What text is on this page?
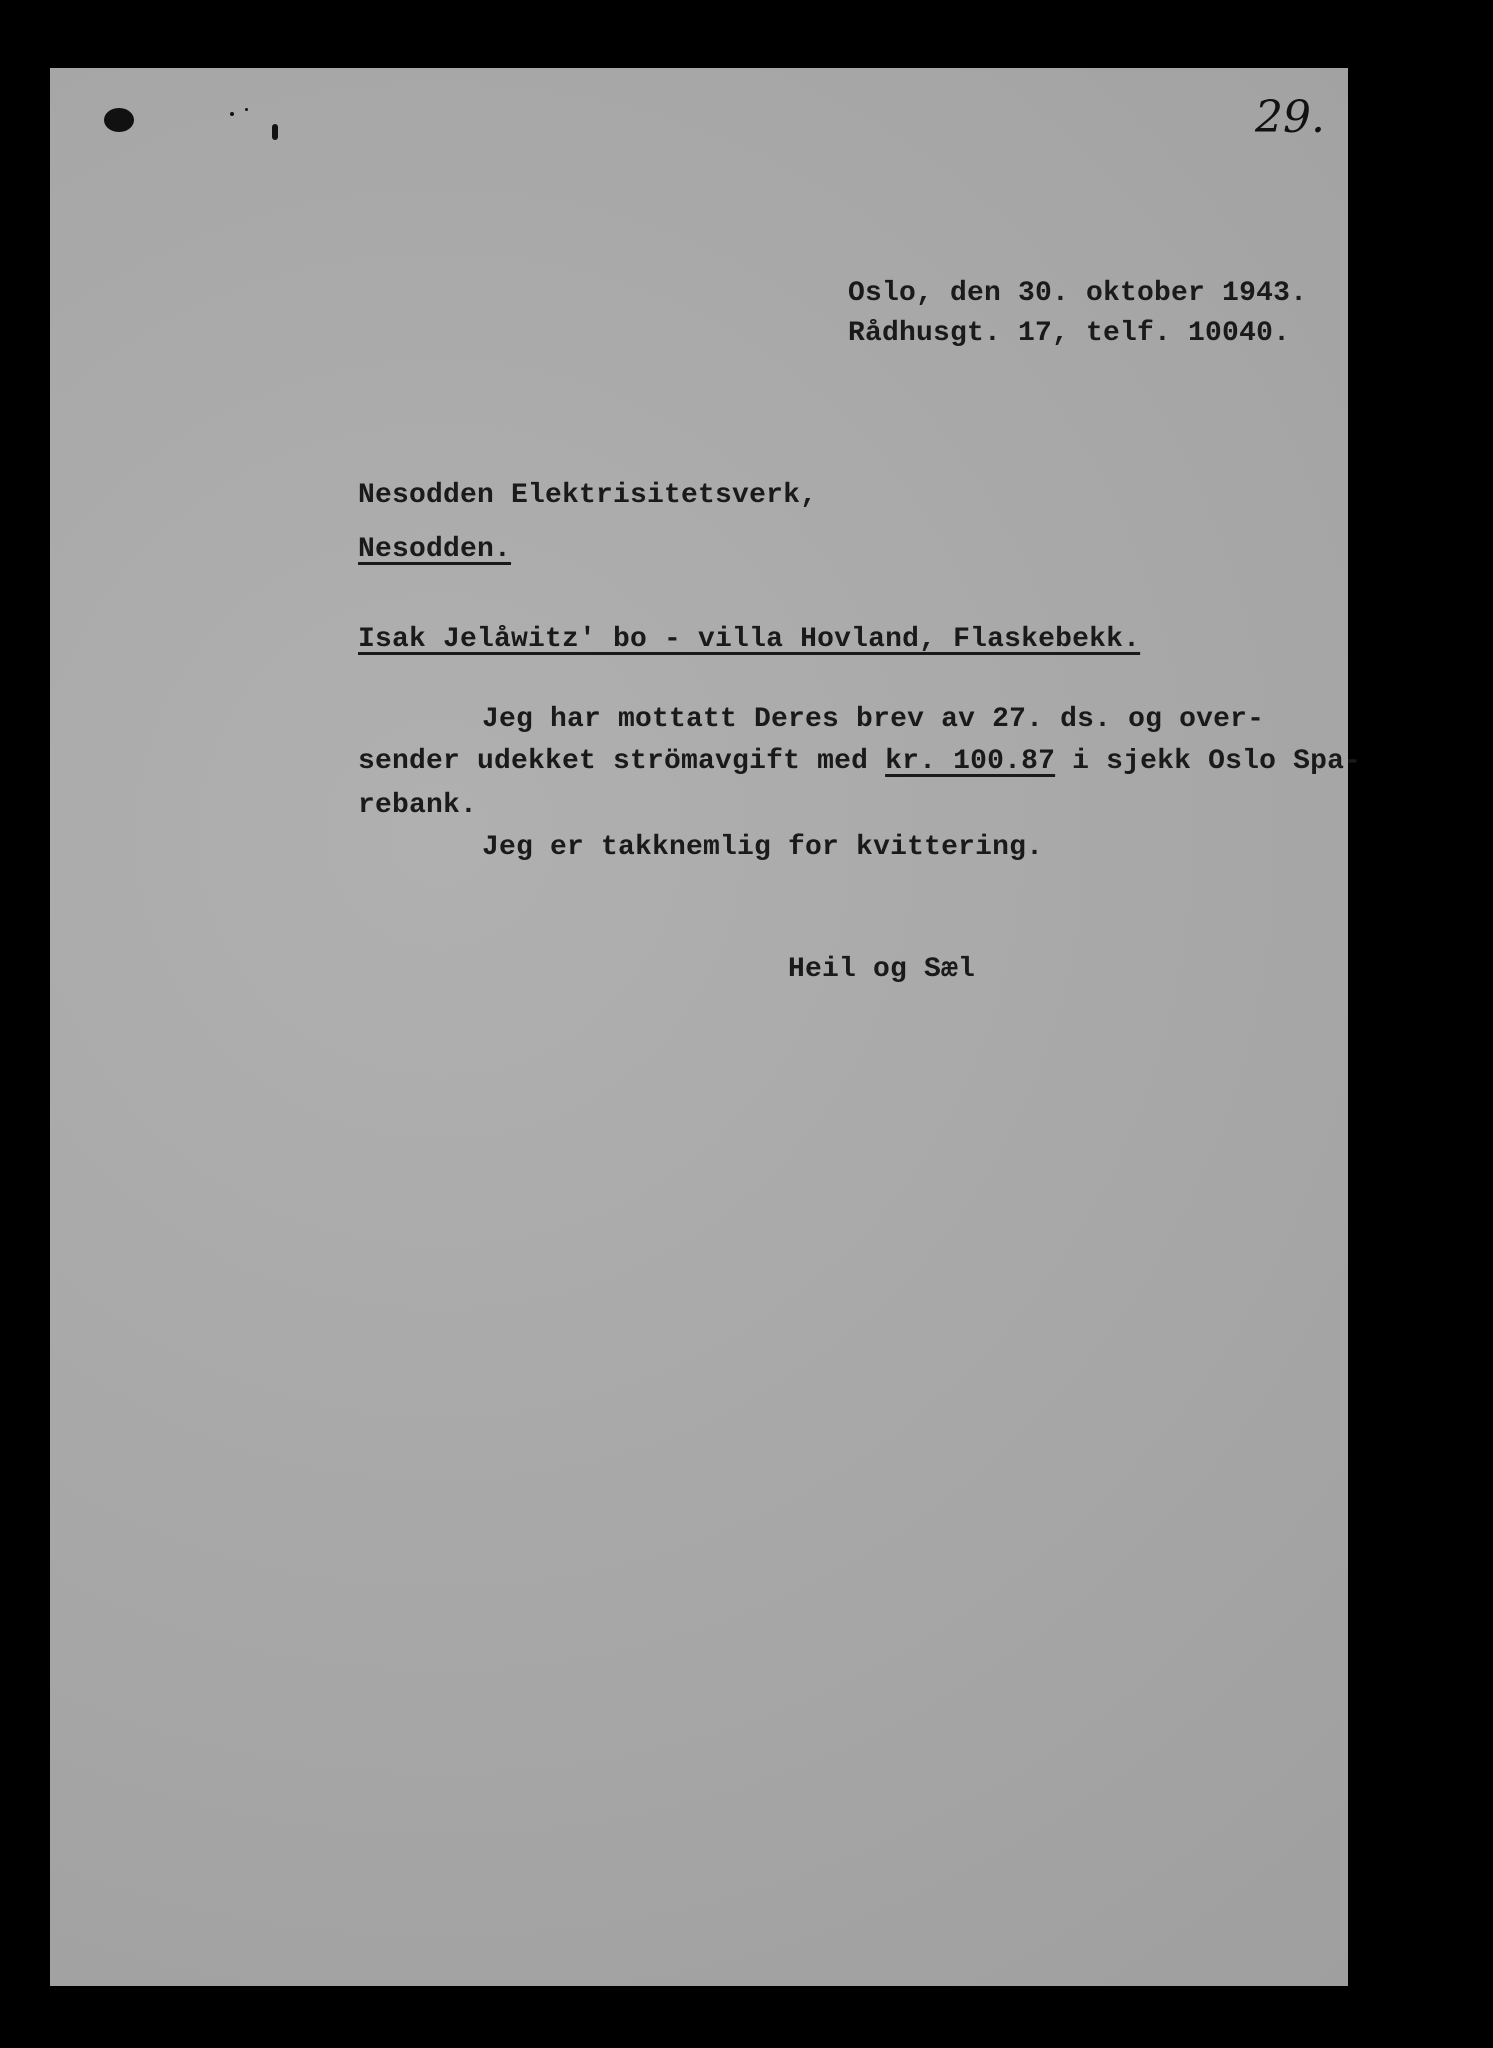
29.
Oslo, den 30. oktober 1943.
Rådhusgt. 17, telf. 10040.
Nesodden Elektrisitetsverk,
Nesodden.
Isak Jelåwitz' bo - villa Hovland, Flaskebekk.
Jeg har mottatt Deres brev av 27. ds. og over-
sender udekket strömavgift med kr. 100.87 i sjekk Oslo Spa-
rebank.
Jeg er takknemlig for kvittering.
Heil og Sæl
